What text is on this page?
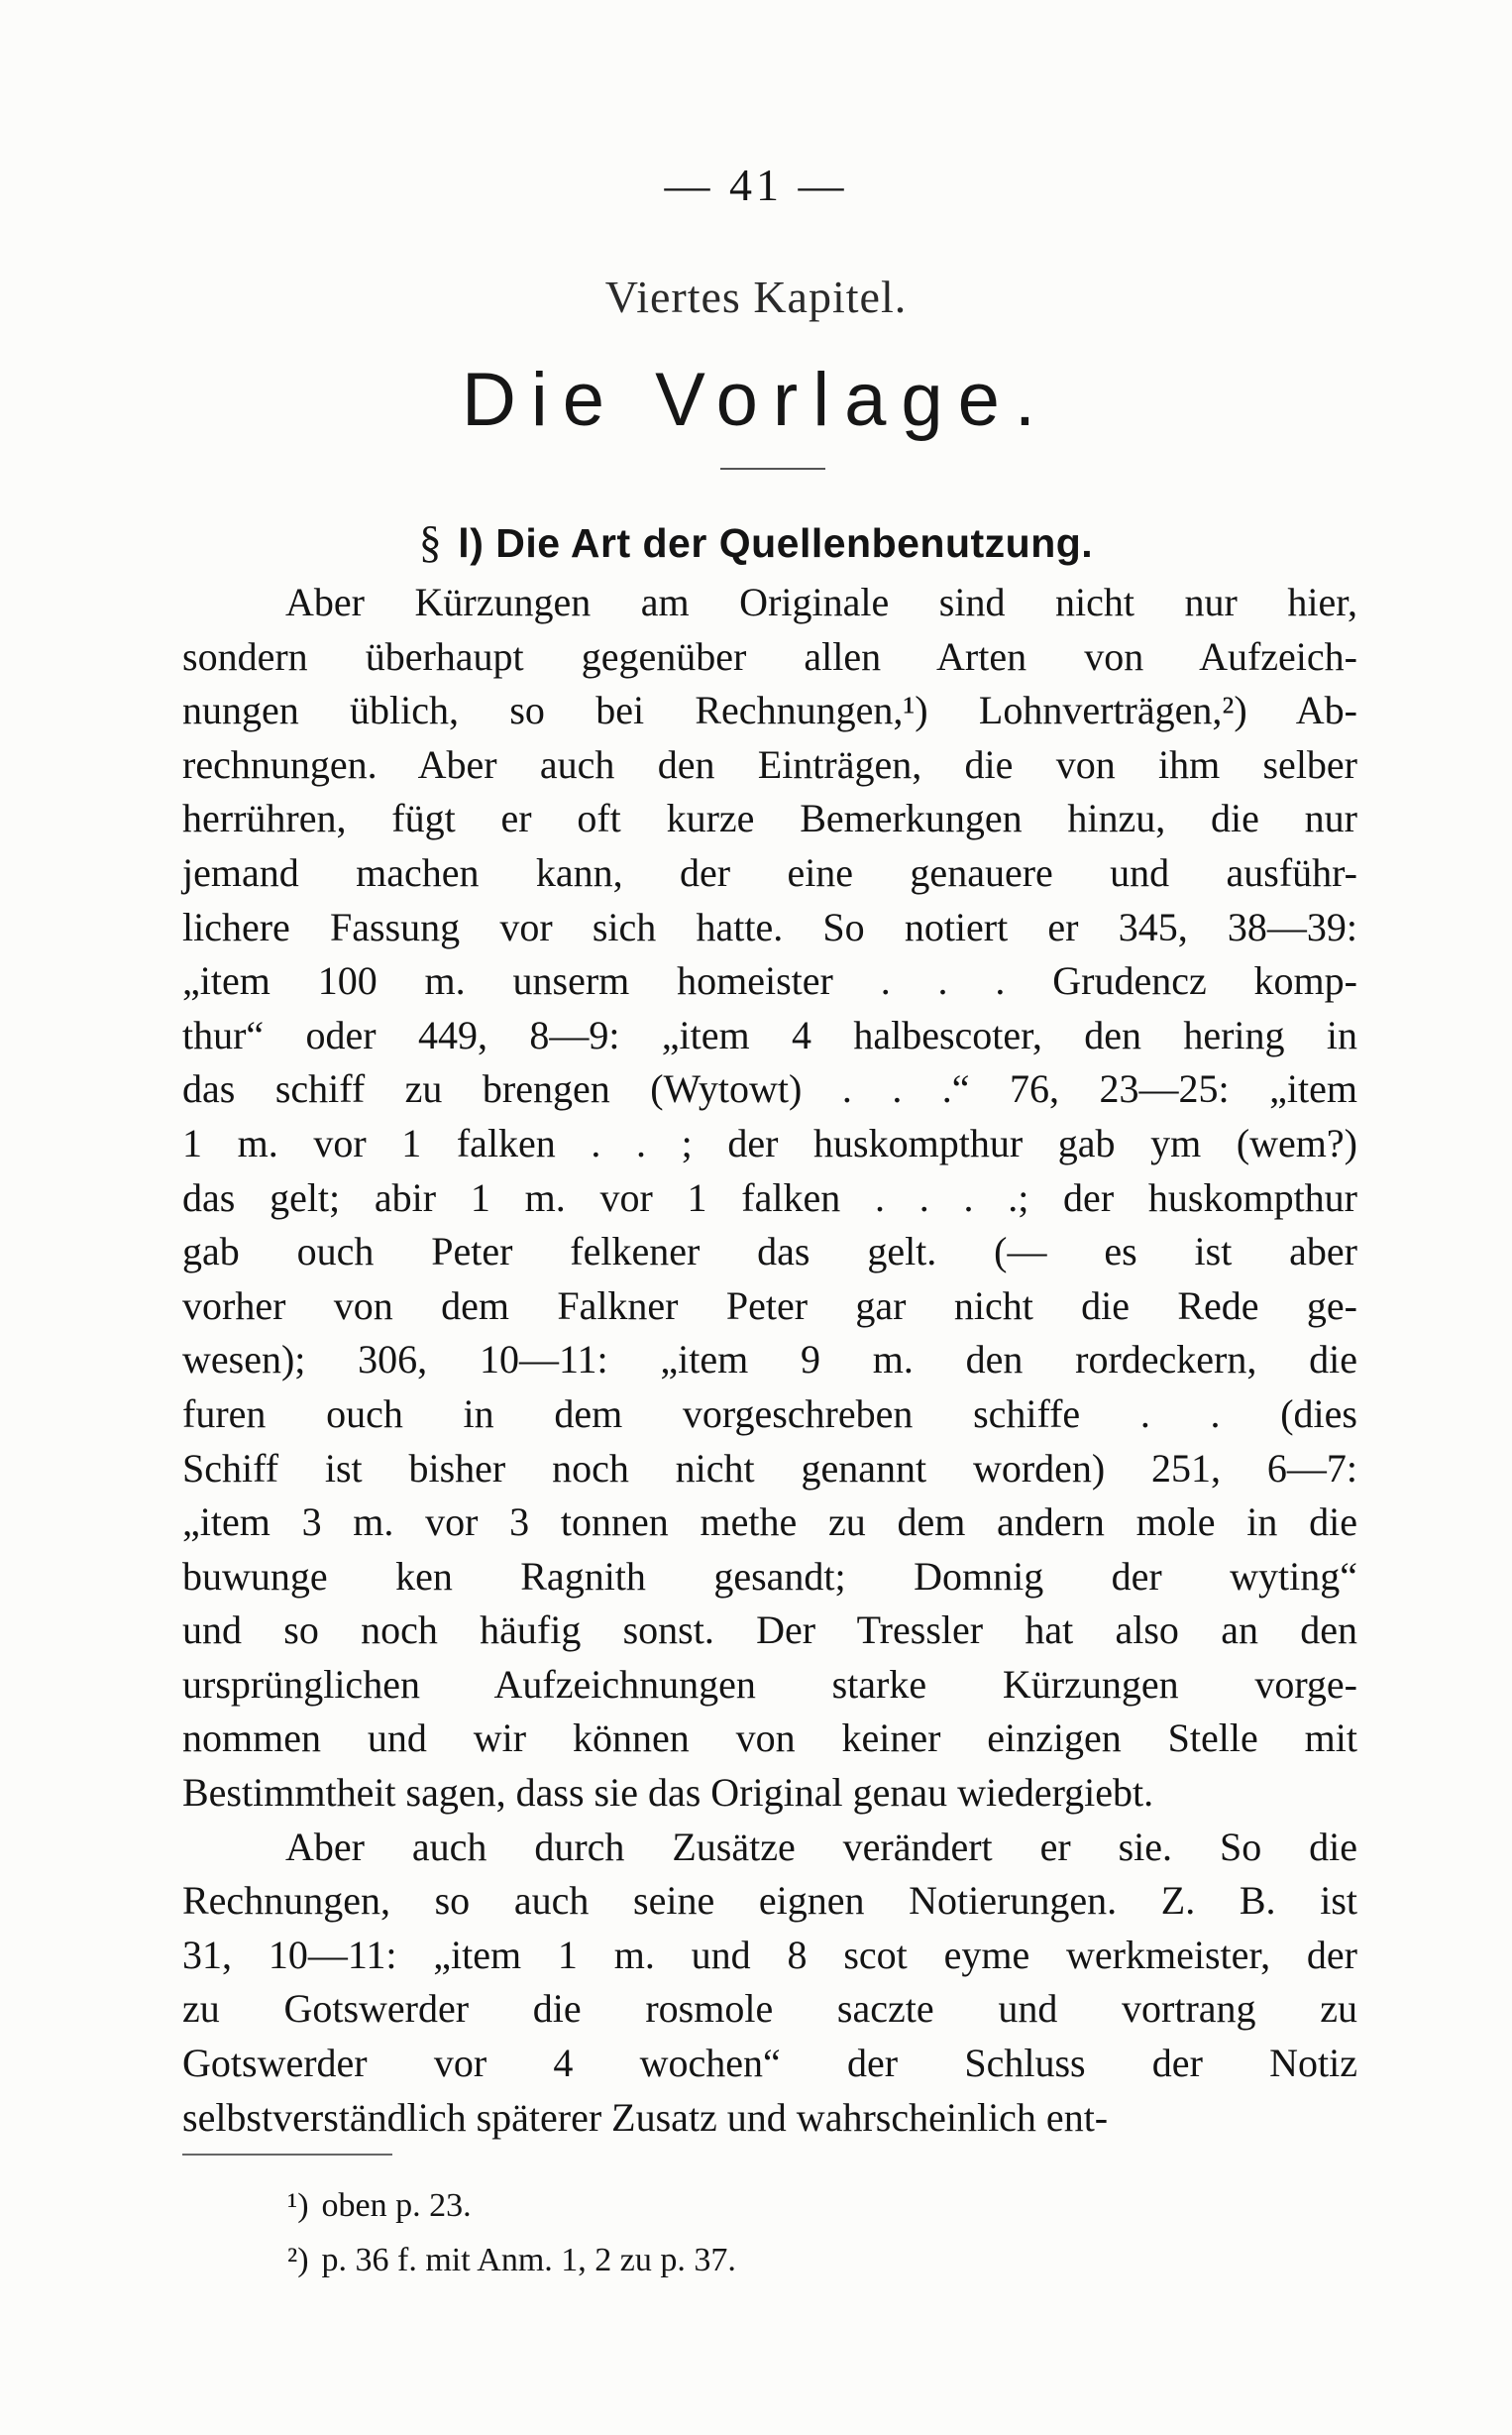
— 41 —
Viertes Kapitel.
Die Vorlage.
§ l) Die Art der Quellenbenutzung.
Aber Kürzungen am Originale sind nicht nur hier,
sondern überhaupt gegenüber allen Arten von Aufzeich-
nungen üblich, so bei Rechnungen,¹) Lohnverträgen,²) Ab-
rechnungen. Aber auch den Einträgen, die von ihm selber
herrühren, fügt er oft kurze Bemerkungen hinzu, die nur
jemand machen kann, der eine genauere und ausführ-
lichere Fassung vor sich hatte. So notiert er 345, 38—39:
„item 100 m. unserm homeister . . . Grudencz komp-
thur“ oder 449, 8—9: „item 4 halbescoter, den hering in
das schiff zu brengen (Wytowt) . . .“ 76, 23—25: „item
1 m. vor 1 falken . . ; der huskompthur gab ym (wem?)
das gelt; abir 1 m. vor 1 falken . . . .; der huskompthur
gab ouch Peter felkener das gelt. (— es ist aber
vorher von dem Falkner Peter gar nicht die Rede ge-
wesen); 306, 10—11: „item 9 m. den rordeckern, die
furen ouch in dem vorgeschreben schiffe . . (dies
Schiff ist bisher noch nicht genannt worden) 251, 6—7:
„item 3 m. vor 3 tonnen methe zu dem andern mole in die
buwunge ken Ragnith gesandt; Domnig der wyting“
und so noch häufig sonst. Der Tressler hat also an den
ursprünglichen Aufzeichnungen starke Kürzungen vorge-
nommen und wir können von keiner einzigen Stelle mit
Bestimmtheit sagen, dass sie das Original genau wiedergiebt.
Aber auch durch Zusätze verändert er sie. So die
Rechnungen, so auch seine eignen Notierungen. Z. B. ist
31, 10—11: „item 1 m. und 8 scot eyme werkmeister, der
zu Gotswerder die rosmole saczte und vortrang zu
Gotswerder vor 4 wochen“ der Schluss der Notiz
selbstverständlich späterer Zusatz und wahrscheinlich ent-
¹) oben p. 23.
²) p. 36 f. mit Anm. 1, 2 zu p. 37.
